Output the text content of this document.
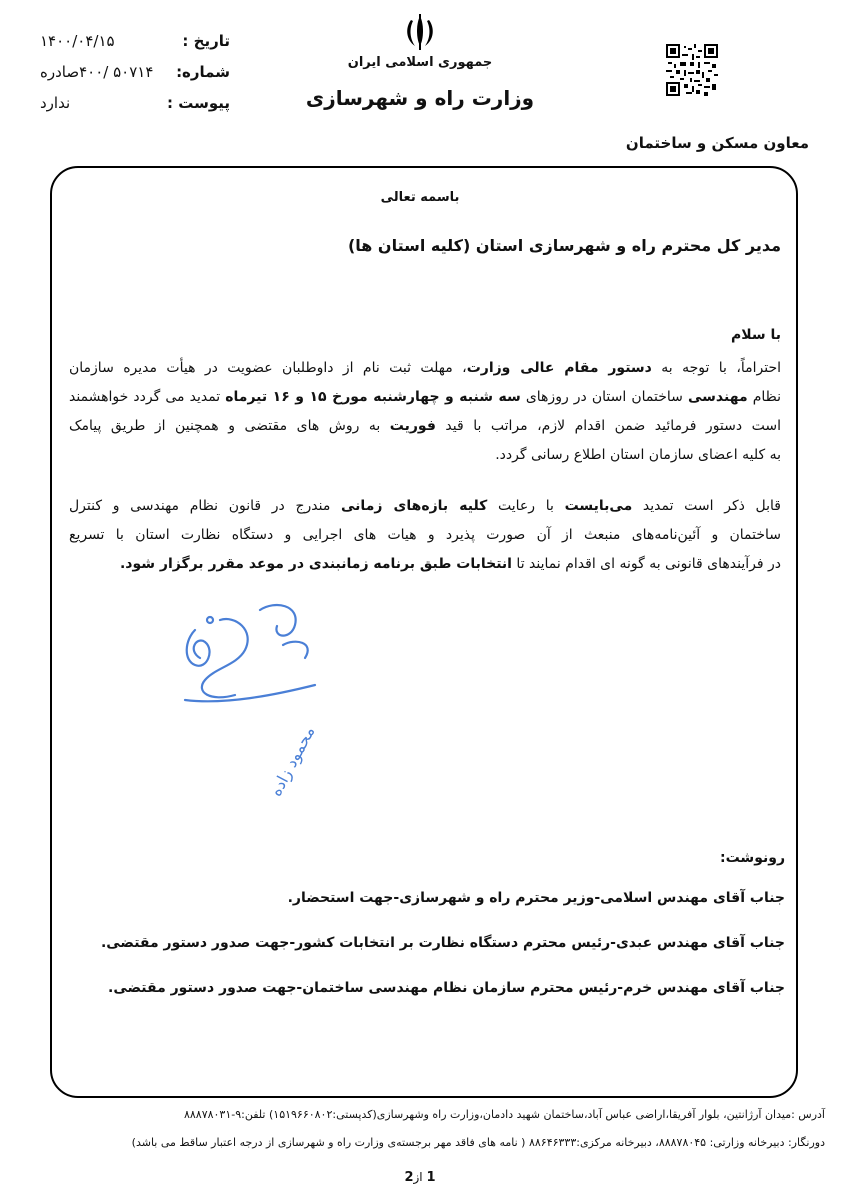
تاریخ :
۱۴۰۰/۰۴/۱۵
شماره:
۵۰۷۱۴ /۴۰۰صادره
پیوست :
ندارد
جمهوری اسلامی ایران
وزارت راه و شهرسازی
معاون مسکن و ساختمان
باسمه تعالی
مدیر کل محترم راه و شهرسازی استان (کلیه استان ها)
با سلام
احتراماً، با توجه به دستور مقام عالی وزارت، مهلت ثبت نام از داوطلبان عضویت در هیأت مدیره سازمان
نظام مهندسی ساختمان استان در روزهای سه شنبه و چهارشنبه مورخ ۱۵ و ۱۶ تیرماه تمدید می گردد خواهشمند
است دستور فرمائید ضمن اقدام لازم، مراتب با قید فوریت به روش های مقتضی و همچنین از طریق پیامک
به کلیه اعضای سازمان استان اطلاع رسانی گردد.
قابل ذکر است تمدید می‌بایست با رعایت کلیه بازه‌های زمانی مندرج در قانون نظام مهندسی و کنترل
ساختمان و آئین‌نامه‌های منبعث از آن صورت پذیرد و هیات های اجرایی و دستگاه نظارت استان با تسریع
در فرآیندهای قانونی به گونه ای اقدام نمایند تا انتخابات طبق برنامه زمانبندی در موعد مقرر برگزار شود.
محمود زاده
رونوشت:
جناب آقای مهندس اسلامی-وزیر محترم راه و شهرسازی-جهت استحضار.
جناب آقای مهندس عبدی-رئیس محترم دستگاه نظارت بر انتخابات کشور-جهت صدور دستور مقتضی.
جناب آقای مهندس خرم-رئیس محترم سازمان نظام مهندسی ساختمان-جهت صدور دستور مقتضی.
آدرس :میدان آرژانتین، بلوار آفریقا،اراضی عباس آباد،ساختمان شهید دادمان،وزارت راه وشهرسازی(کدپستی:۱۵۱۹۶۶۰۸۰۲) تلفن:۹-۸۸۸۷۸۰۳۱
دورنگار: دبیرخانه وزارتی: ۸۸۸۷۸۰۴۵، دبیرخانه مرکزی:۸۸۶۴۶۳۳۳ ( نامه های فاقد مهر برجسته‌ی وزارت راه و شهرسازی از درجه اعتبار ساقط می باشد)
1 از2
